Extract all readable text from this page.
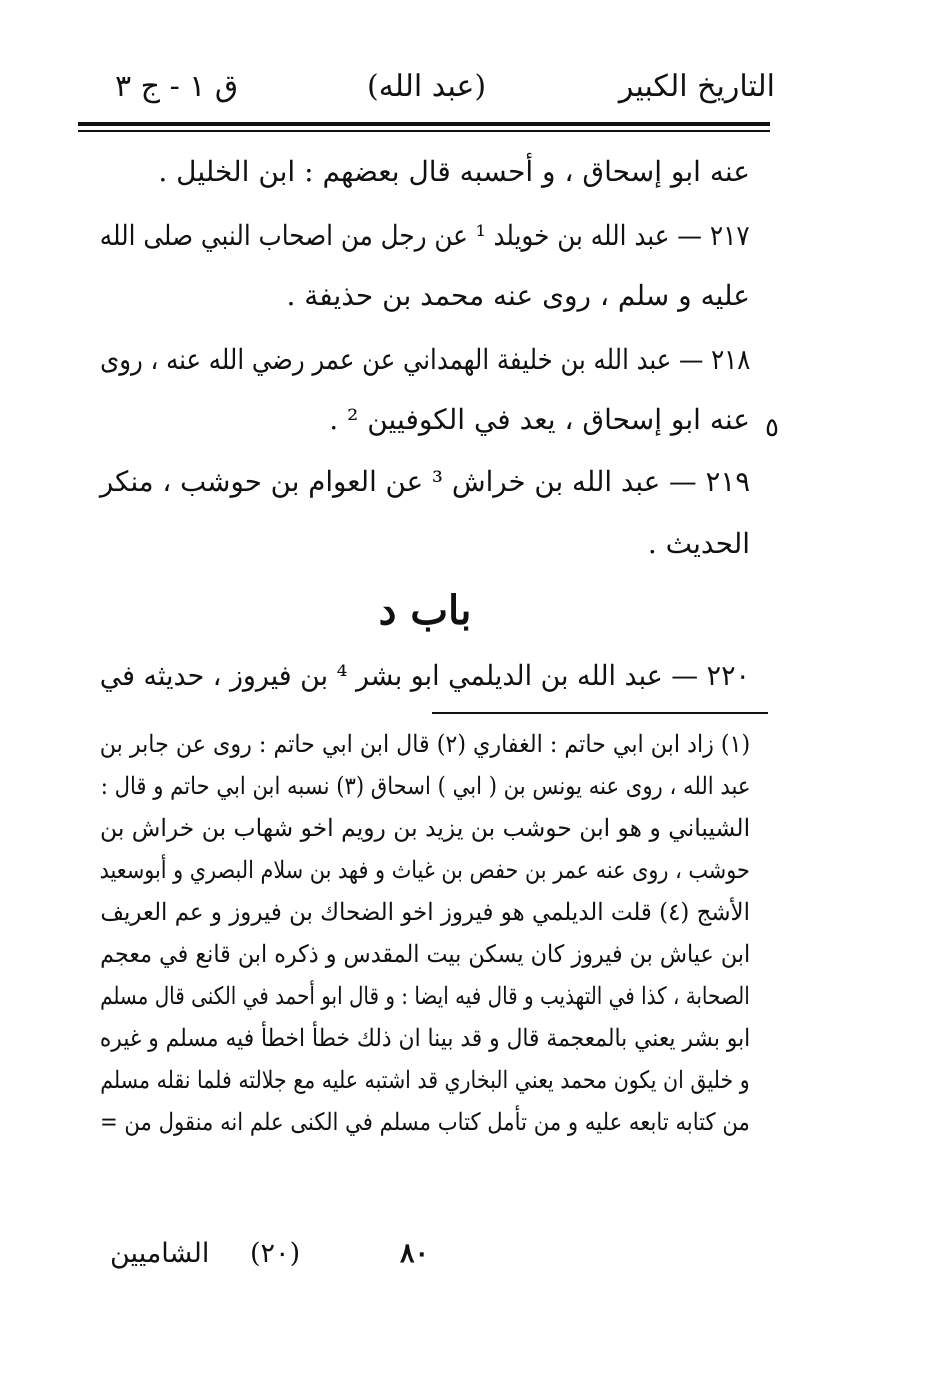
التاريخ الكبير
(عبد الله)
ق ١ - ج ٣
عنه ابو إسحاق ، و أحسبه قال بعضهم : ابن الخليل .
٢١٧ — عبد الله بن خويلد ¹ عن رجل من اصحاب النبي صلى الله
عليه و سلم ، روى عنه محمد بن حذيفة .
٢١٨ — عبد الله بن خليفة الهمداني عن عمر رضي الله عنه ، روى
عنه ابو إسحاق ، يعد في الكوفيين ² .
٢١٩ — عبد الله بن خراش ³ عن العوام بن حوشب ، منكر
الحديث .
٥
باب د
٢٢٠ — عبد الله بن الديلمي ابو بشر ⁴ بن فيروز ، حديثه في
(١) زاد ابن ابي حاتم : الغفاري (٢) قال ابن ابي حاتم : روى عن جابر بن
عبد الله ، روى عنه يونس بن ( ابي ) اسحاق (٣) نسبه ابن ابي حاتم و قال :
الشيباني و هو ابن حوشب بن يزيد بن رويم اخو شهاب بن خراش بن
حوشب ، روى عنه عمر بن حفص بن غياث و فهد بن سلام البصري و أبوسعيد
الأشج (٤) قلت الديلمي هو فيروز اخو الضحاك بن فيروز و عم العريف
ابن عياش بن فيروز كان يسكن بيت المقدس و ذكره ابن قانع في معجم
الصحابة ، كذا في التهذيب و قال فيه ايضا : و قال ابو أحمد في الكنى قال مسلم
ابو بشر يعني بالمعجمة قال و قد بينا ان ذلك خطأ اخطأ فيه مسلم و غيره
و خليق ان يكون محمد يعني البخاري قد اشتبه عليه مع جلالته فلما نقله مسلم
من كتابه تابعه عليه و من تأمل كتاب مسلم في الكنى علم انه منقول من =
٨٠
(٢٠)
الشاميين
